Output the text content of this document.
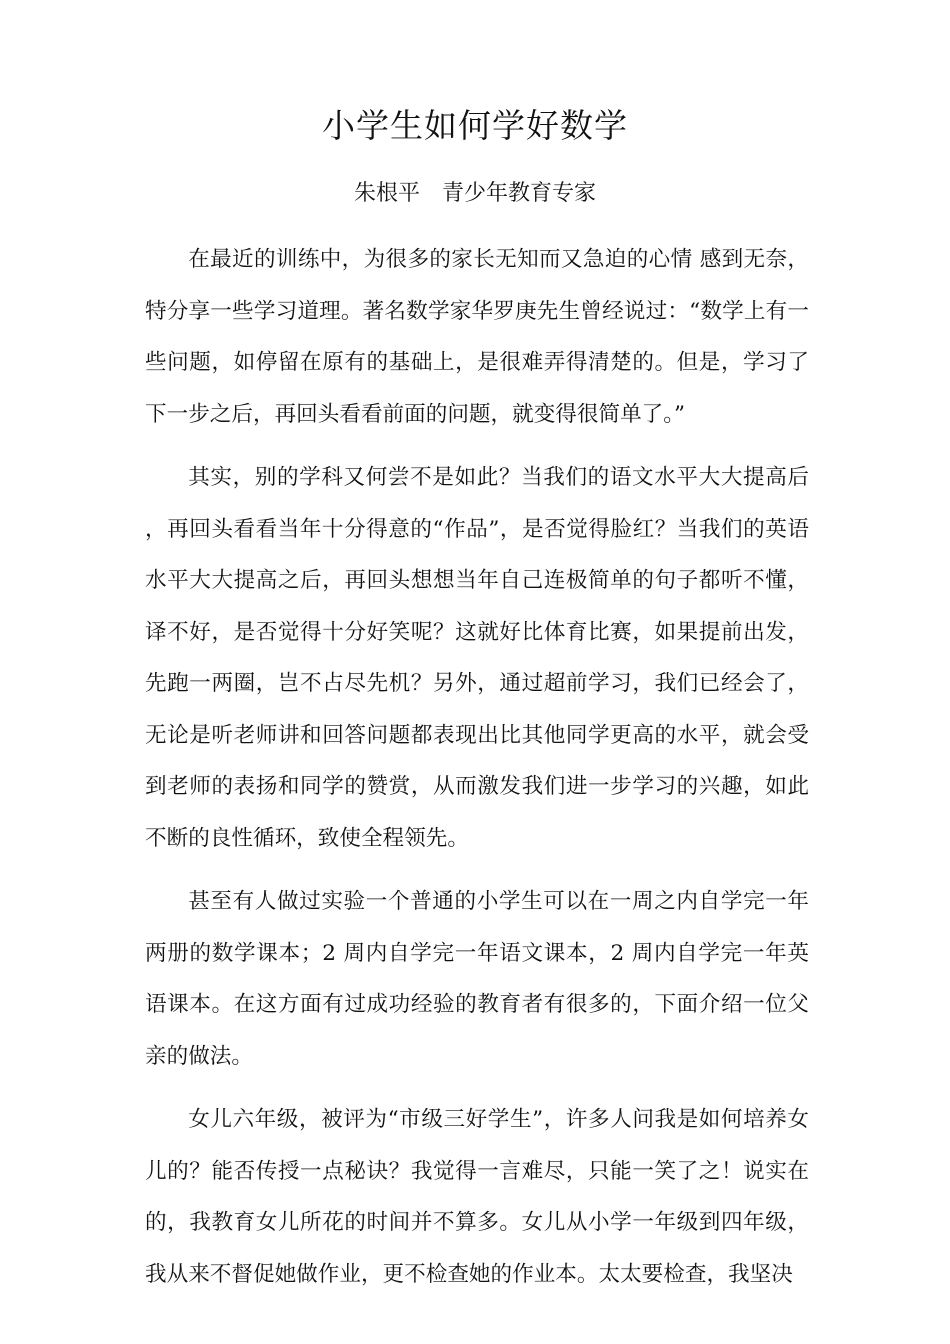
小学生如何学好数学

朱根平 青少年教育专家

在最近的训练中，为很多的家长无知而又急迫的心情 感到无奈，特分享一些学习道理。著名数学家华罗庚先生曾经说过：“数学上有一些问题，如停留在原有的基础上，是很难弄得清楚的。但是，学习了下一步之后，再回头看看前面的问题，就变得很简单了。”

其实，别的学科又何尝不是如此？当我们的语文水平大大提高后，再回头看看当年十分得意的“作品”，是否觉得脸红？当我们的英语水平大大提高之后，再回头想想当年自己连极简单的句子都听不懂，译不好，是否觉得十分好笑呢？这就好比体育比赛，如果提前出发，先跑一两圈，岂不占尽先机？另外，通过超前学习，我们已经会了，无论是听老师讲和回答问题都表现出比其他同学更高的水平，就会受到老师的表扬和同学的赞赏，从而激发我们进一步学习的兴趣，如此不断的良性循环，致使全程领先。

甚至有人做过实验一个普通的小学生可以在一周之内自学完一年两册的数学课本；2 周内自学完一年语文课本，2 周内自学完一年英语课本。在这方面有过成功经验的教育者有很多的，下面介绍一位父亲的做法。

女儿六年级，被评为“市级三好学生”，许多人问我是如何培养女儿的？能否传授一点秘诀？我觉得一言难尽，只能一笑了之！说实在的，我教育女儿所花的时间并不算多。女儿从小学一年级到四年级，我从来不督促她做作业，更不检查她的作业本。太太要检查，我坚决
